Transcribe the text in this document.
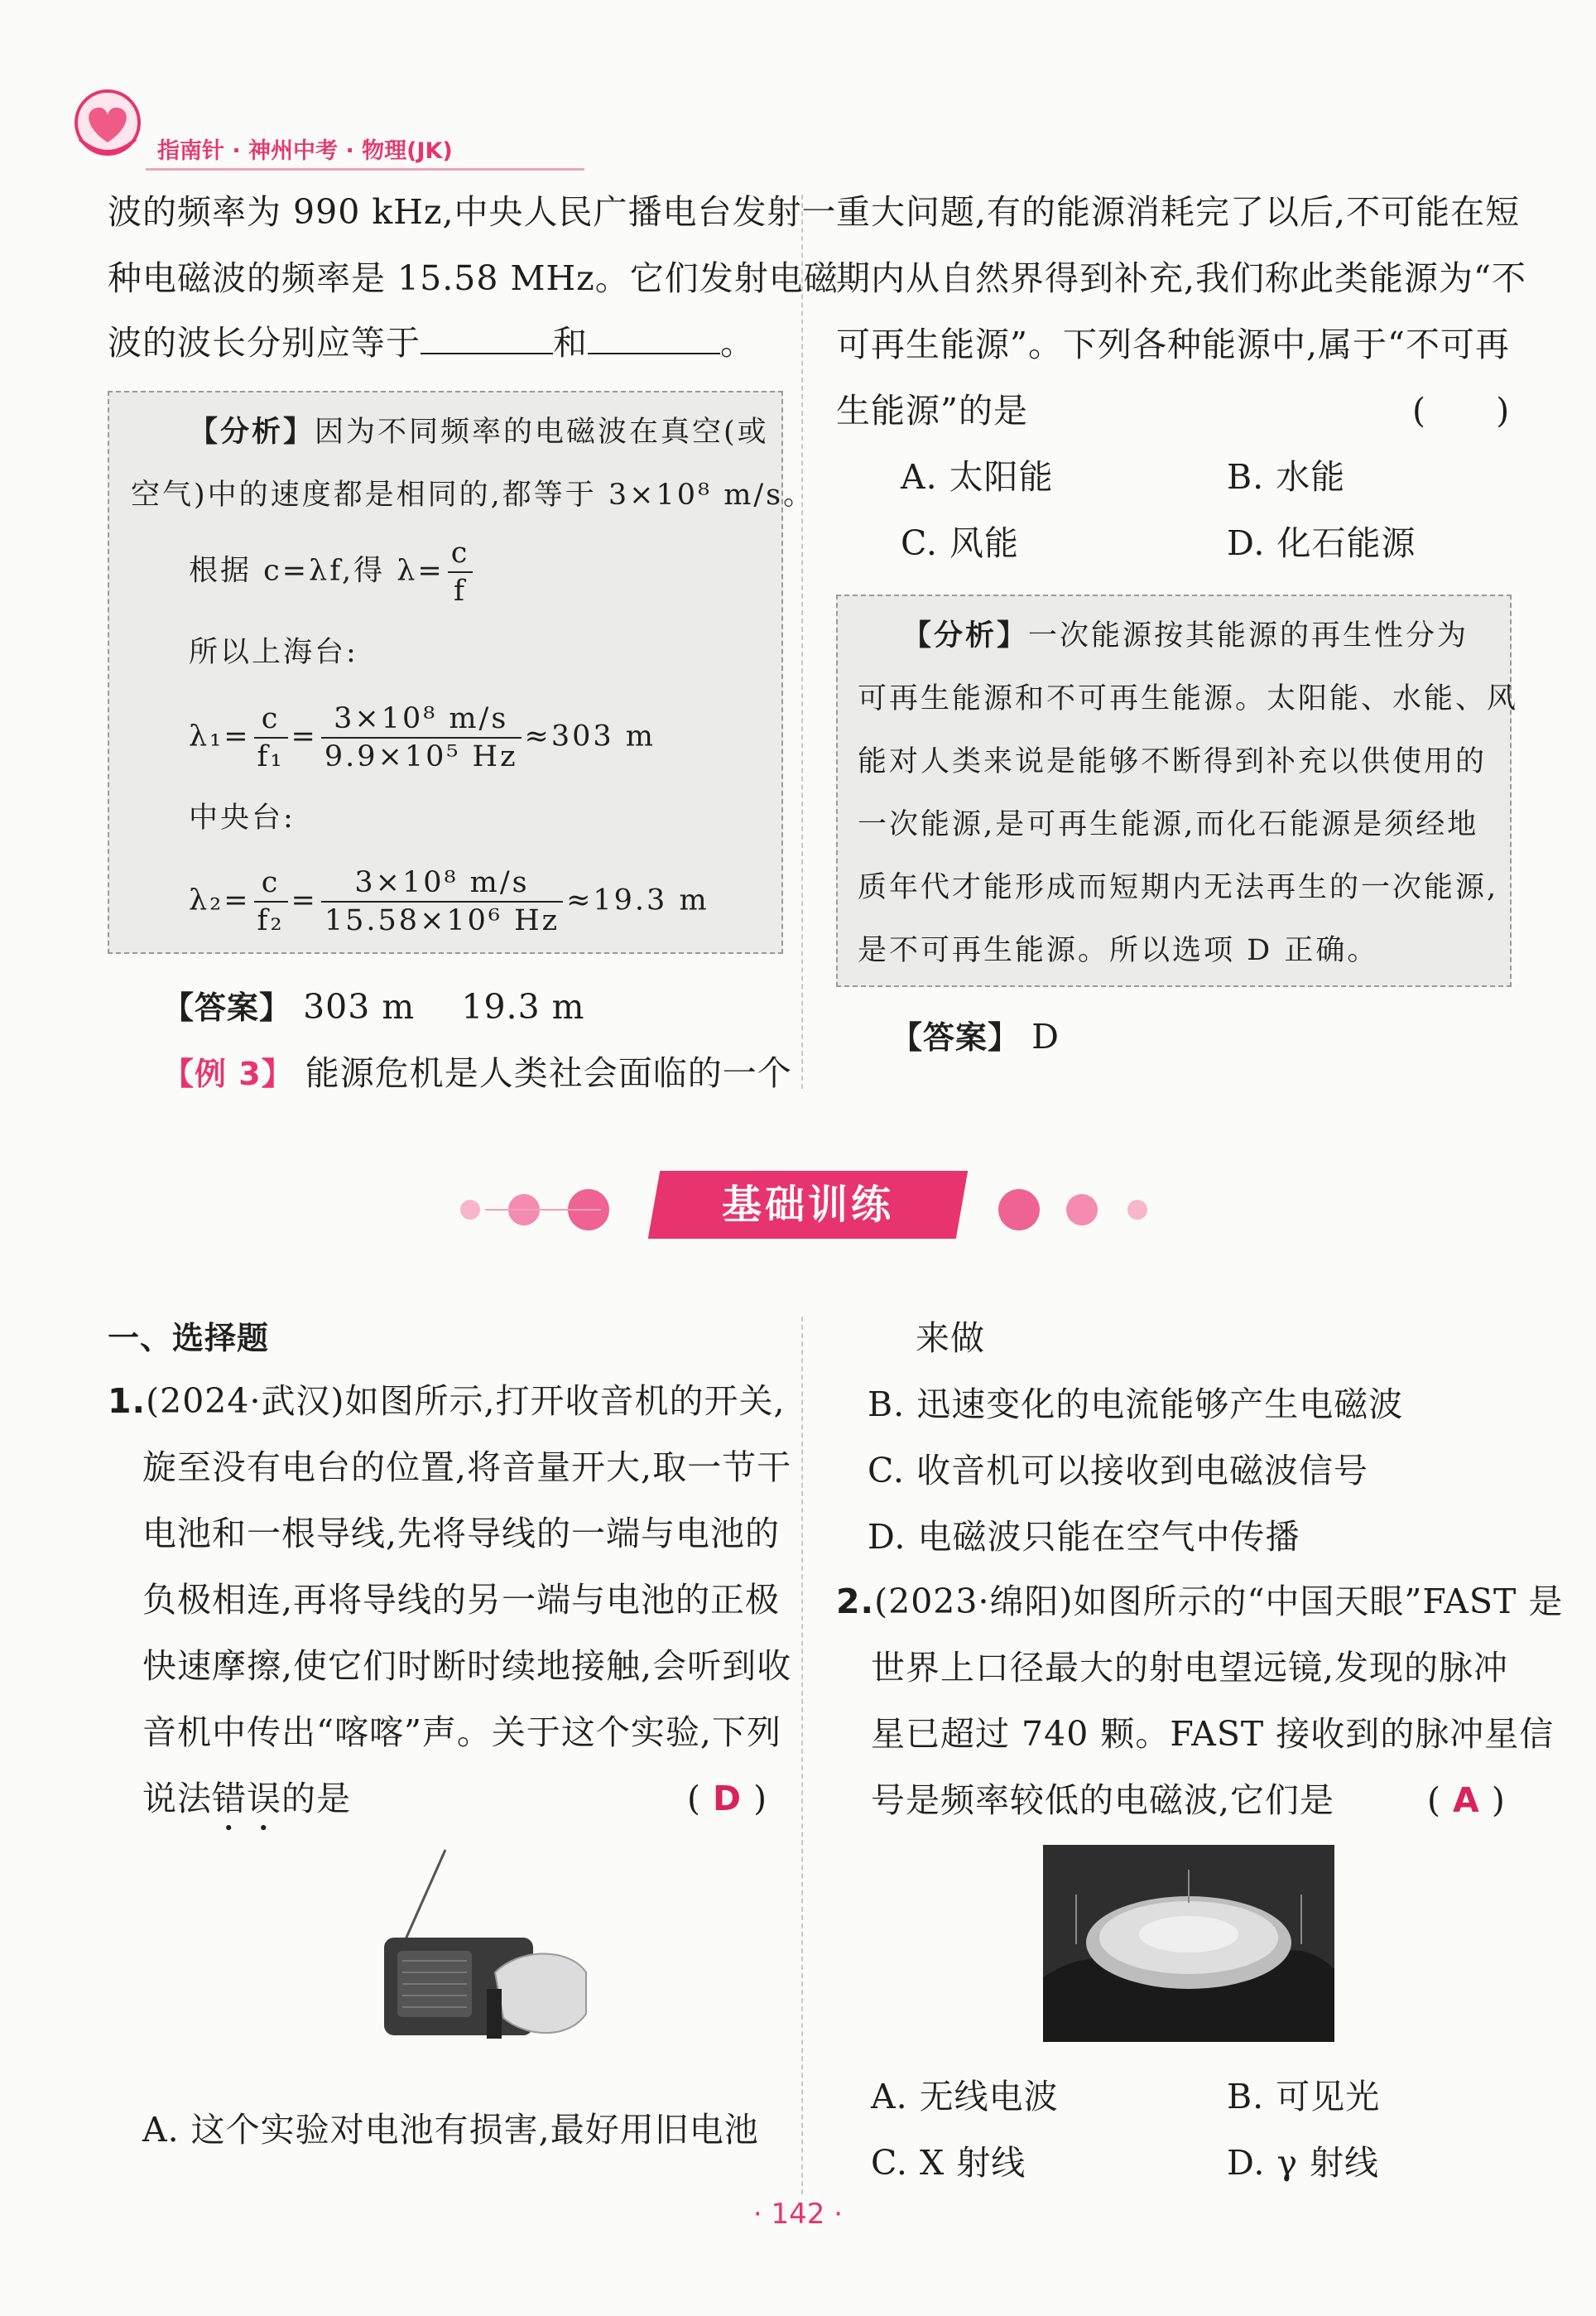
指南针 · 神州中考 · 物理(JK)
波的频率为 990 kHz,中央人民广播电台发射一
种电磁波的频率是 15.58 MHz。它们发射电磁
波的波长分别应等于	和	。
【分析】因为不同频率的电磁波在真空(或
空气)中的速度都是相同的,都等于 3×10⁸ m/s。
根据 c=λf,得 $\lambda= \frac{c}{f}$
所以上海台:
$\lambda_1= \frac{c}{\text{f₁}} = \frac{\text{3×10⁸ m/s}}{\text{9.9×10⁵ Hz}} \approx 303$ m
中央台:
$\lambda_2= \frac{c}{\text{f₂}} = \frac{\text{3×10⁸ m/s}}{\text{15.58×10⁶ Hz}} \approx 19.3$ m
【答案】 303 m    19.3 m
【例 3】 能源危机是人类社会面临的一个
重大问题,有的能源消耗完了以后,不可能在短
期内从自然界得到补充,我们称此类能源为“不
可再生能源”。下列各种能源中,属于“不可再
生能源”的是	(      )
A. 太阳能	B. 水能
C. 风能	D. 化石能源
【分析】一次能源按其能源的再生性分为
可再生能源和不可再生能源。太阳能、水能、风
能对人类来说是能够不断得到补充以供使用的
一次能源,是可再生能源,而化石能源是须经地
质年代才能形成而短期内无法再生的一次能源,
是不可再生能源。所以选项 D 正确。
【答案】 D
基础训练
一、选择题
1.(2024·武汉)如图所示,打开收音机的开关,
旋至没有电台的位置,将音量开大,取一节干
电池和一根导线,先将导线的一端与电池的
负极相连,再将导线的另一端与电池的正极
快速摩擦,使它们时断时续地接触,会听到收
音机中传出“喀喀”声。关于这个实验,下列
说法错误的是	( D )
A. 这个实验对电池有损害,最好用旧电池
来做
B. 迅速变化的电流能够产生电磁波
C. 收音机可以接收到电磁波信号
D. 电磁波只能在空气中传播
2.(2023·绵阳)如图所示的“中国天眼”FAST 是
世界上口径最大的射电望远镜,发现的脉冲
星已超过 740 颗。FAST 接收到的脉冲星信
号是频率较低的电磁波,它们是	( A )
A. 无线电波	B. 可见光
C. X 射线	D. γ 射线
· 142 ·
